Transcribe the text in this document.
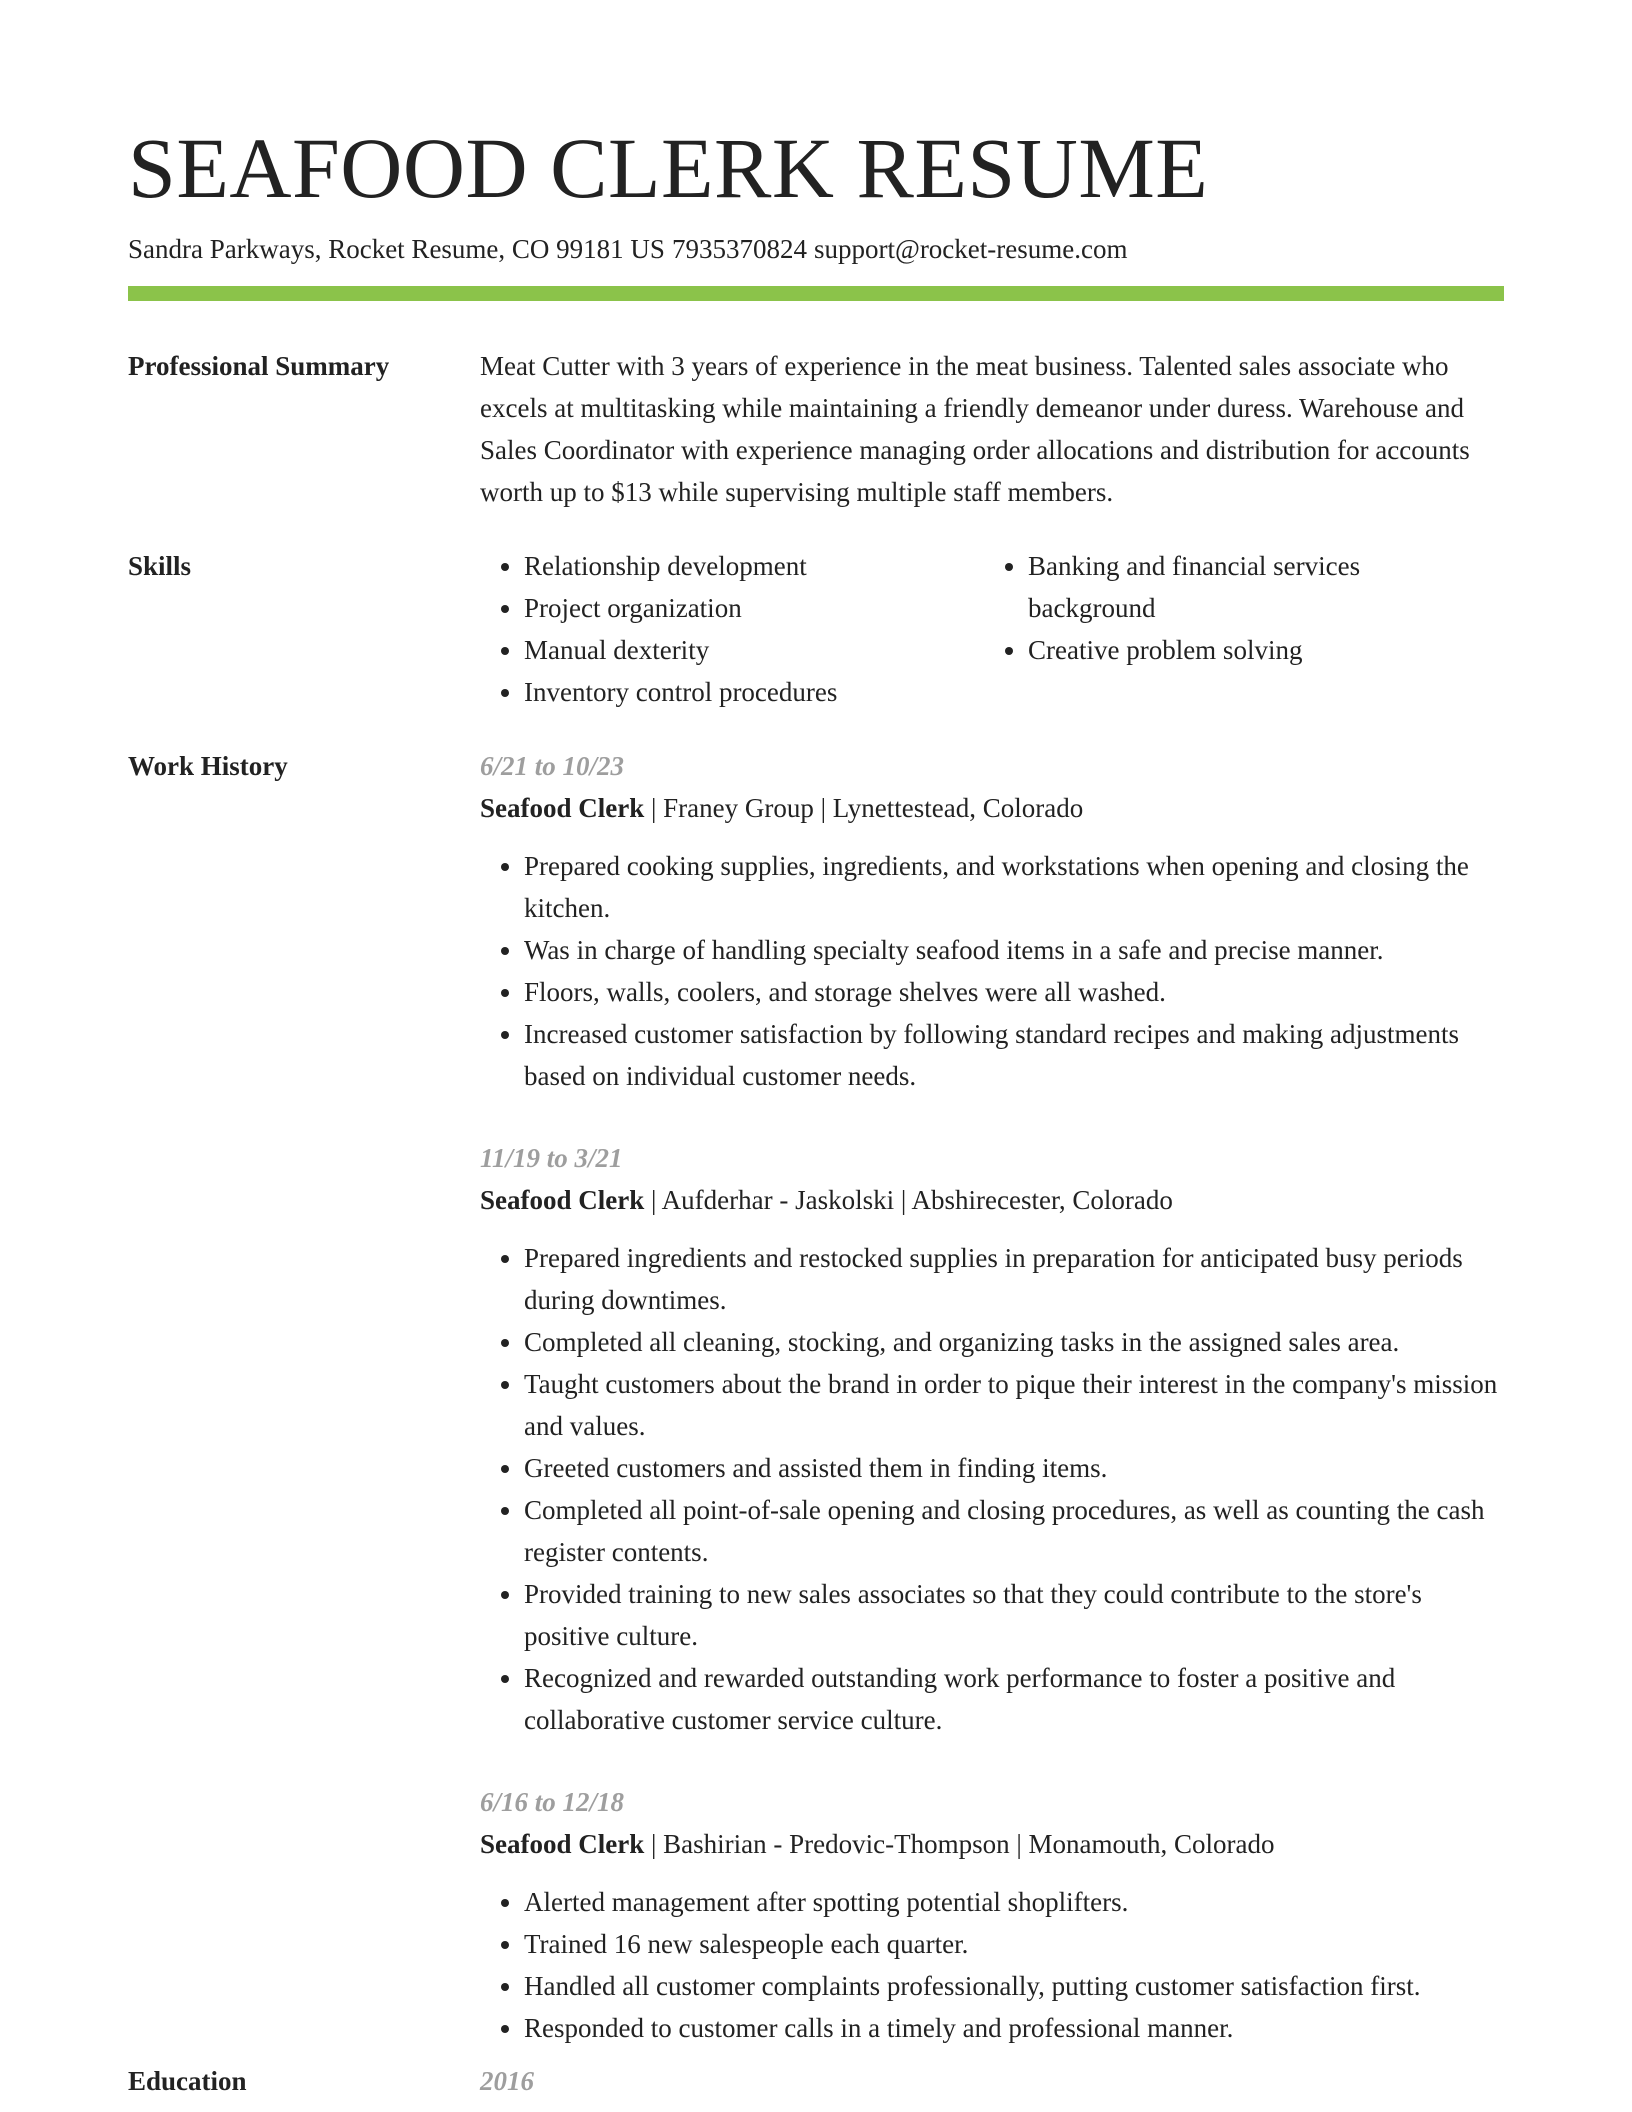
SEAFOOD CLERK RESUME
Sandra Parkways, Rocket Resume, CO 99181 US 7935370824 support@rocket-resume.com
Professional Summary	Meat Cutter with 3 years of experience in the meat business. Talented sales associate who excels at multitasking while maintaining a friendly demeanor under duress. Warehouse and Sales Coordinator with experience managing order allocations and distribution for accounts worth up to $13 while supervising multiple staff members.

Skills
•	Relationship development
• Project organization
• Manual dexterity
• Inventory control procedures
• Banking and financial services background
• Creative problem solving
Work History	6/21 to 10/23
Seafood Clerk | Franey Group | Lynettestead, Colorado
• Prepared cooking supplies, ingredients, and workstations when opening and closing the kitchen.
• Was in charge of handling specialty seafood items in a safe and precise manner.
• Floors, walls, coolers, and storage shelves were all washed.
• Increased customer satisfaction by following standard recipes and making adjustments based on individual customer needs.
11/19 to 3/21
Seafood Clerk | Aufderhar - Jaskolski | Abshirecester, Colorado
• Prepared ingredients and restocked supplies in preparation for anticipated busy periods during downtimes.
• Completed all cleaning, stocking, and organizing tasks in the assigned sales area.
• Taught customers about the brand in order to pique their interest in the company's mission and values.
• Greeted customers and assisted them in finding items.
• Completed all point-of-sale opening and closing procedures, as well as counting the cash register contents.
• Provided training to new sales associates so that they could contribute to the store's positive culture.
• Recognized and rewarded outstanding work performance to foster a positive and collaborative customer service culture.
6/16 to 12/18
Seafood Clerk | Bashirian - Predovic-Thompson | Monamouth, Colorado
• Alerted management after spotting potential shoplifters.
• Trained 16 new salespeople each quarter.
• Handled all customer complaints professionally, putting customer satisfaction first.
• Responded to customer calls in a timely and professional manner.
Education	2016
